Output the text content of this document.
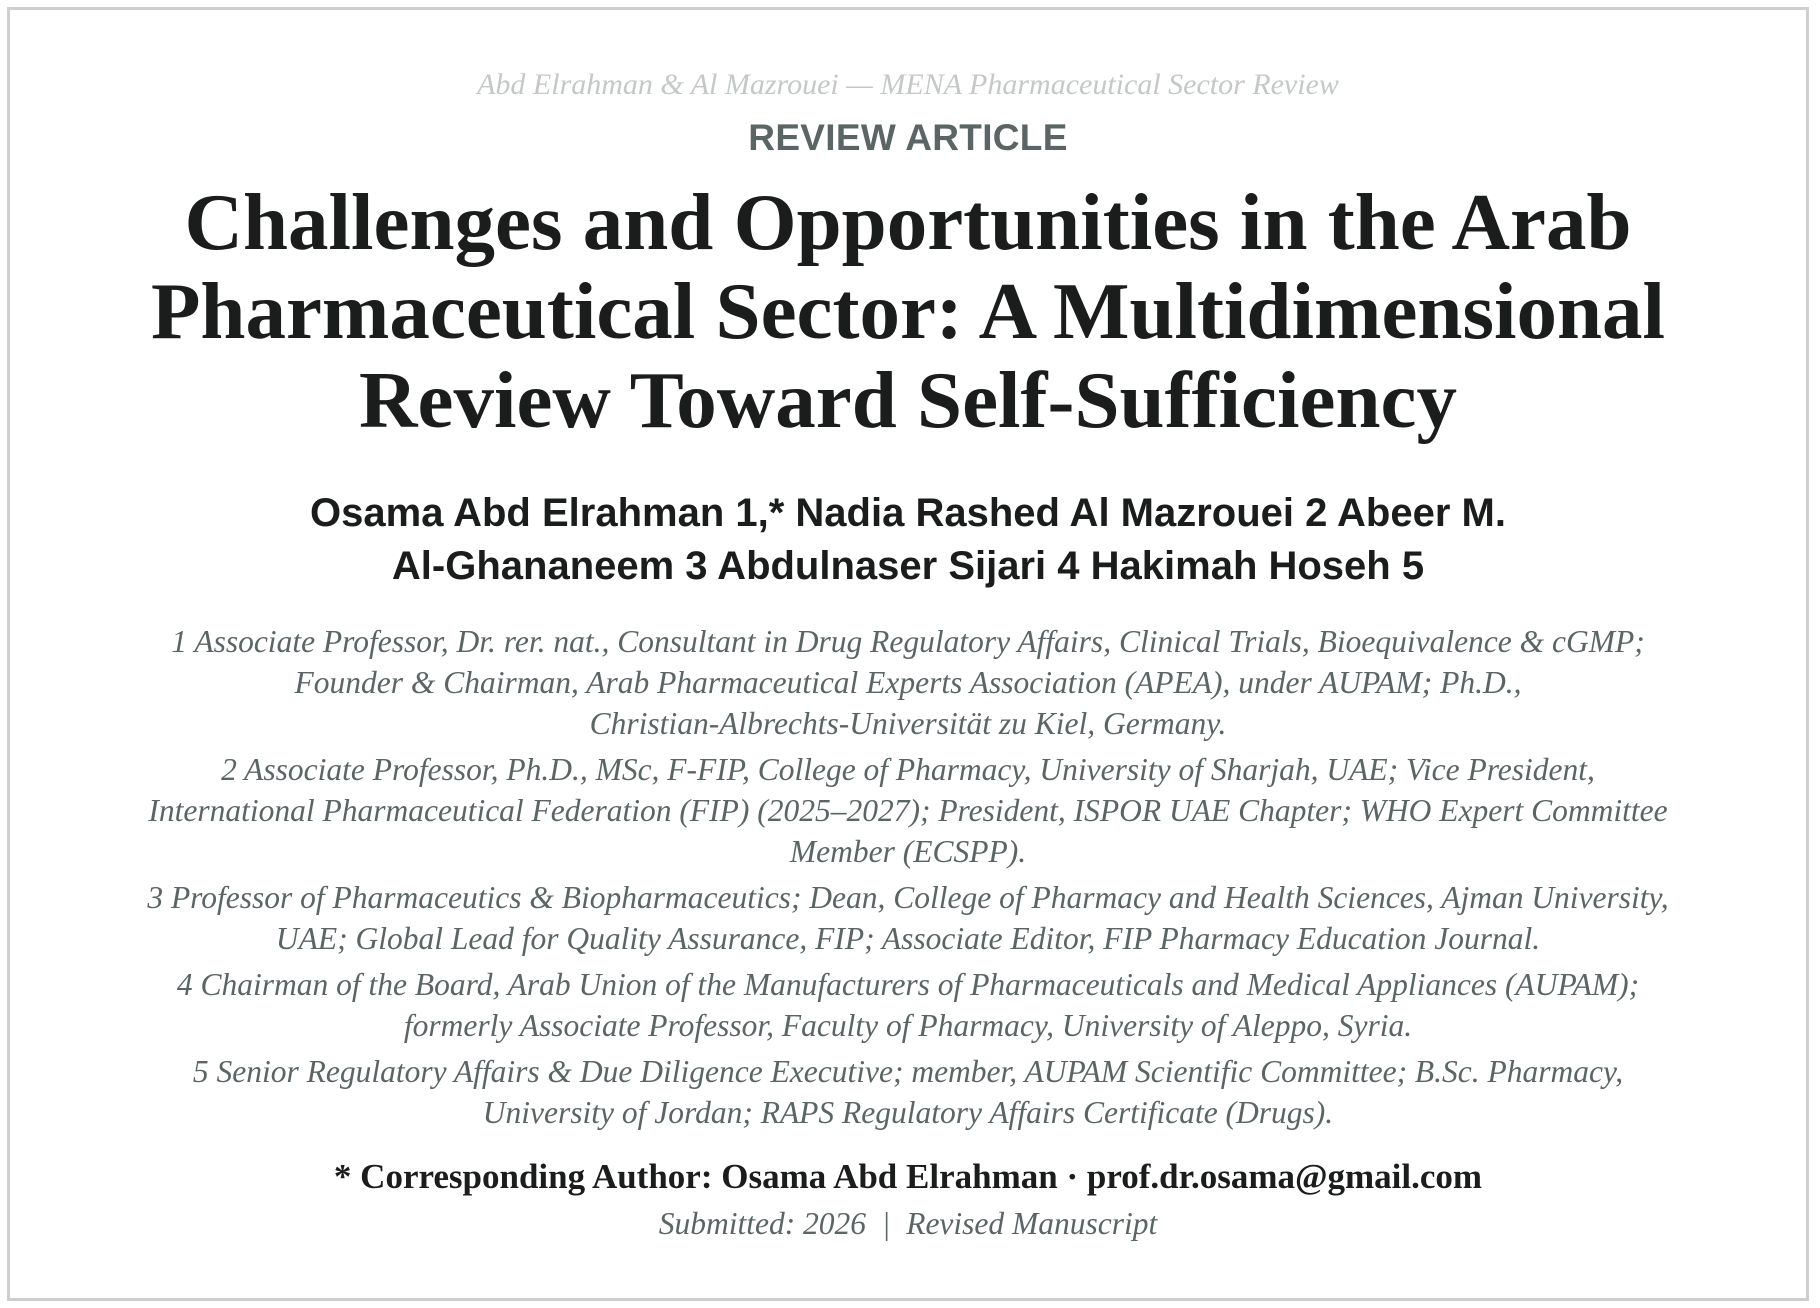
Abd Elrahman & Al Mazrouei — MENA Pharmaceutical Sector Review

REVIEW ARTICLE
Challenges and Opportunities in the Arab
Pharmaceutical Sector: A Multidimensional
Review Toward Self-Sufficiency
Osama Abd Elrahman 1,* Nadia Rashed Al Mazrouei 2 Abeer M.
Al-Ghananeem 3 Abdulnaser Sijari 4 Hakimah Hoseh 5
1 Associate Professor, Dr. rer. nat., Consultant in Drug Regulatory Affairs, Clinical Trials, Bioequivalence & cGMP;
Founder & Chairman, Arab Pharmaceutical Experts Association (APEA), under AUPAM; Ph.D.,
Christian-Albrechts-Universität zu Kiel, Germany.
2 Associate Professor, Ph.D., MSc, F-FIP, College of Pharmacy, University of Sharjah, UAE; Vice President,
International Pharmaceutical Federation (FIP) (2025–2027); President, ISPOR UAE Chapter; WHO Expert Committee
Member (ECSPP).
3 Professor of Pharmaceutics & Biopharmaceutics; Dean, College of Pharmacy and Health Sciences, Ajman University,
UAE; Global Lead for Quality Assurance, FIP; Associate Editor, FIP Pharmacy Education Journal.
4 Chairman of the Board, Arab Union of the Manufacturers of Pharmaceuticals and Medical Appliances (AUPAM);
formerly Associate Professor, Faculty of Pharmacy, University of Aleppo, Syria.
5 Senior Regulatory Affairs & Due Diligence Executive; member, AUPAM Scientific Committee; B.Sc. Pharmacy,
University of Jordan; RAPS Regulatory Affairs Certificate (Drugs).
* Corresponding Author: Osama Abd Elrahman · prof.dr.osama@gmail.com
Submitted: 2026  |  Revised Manuscript
